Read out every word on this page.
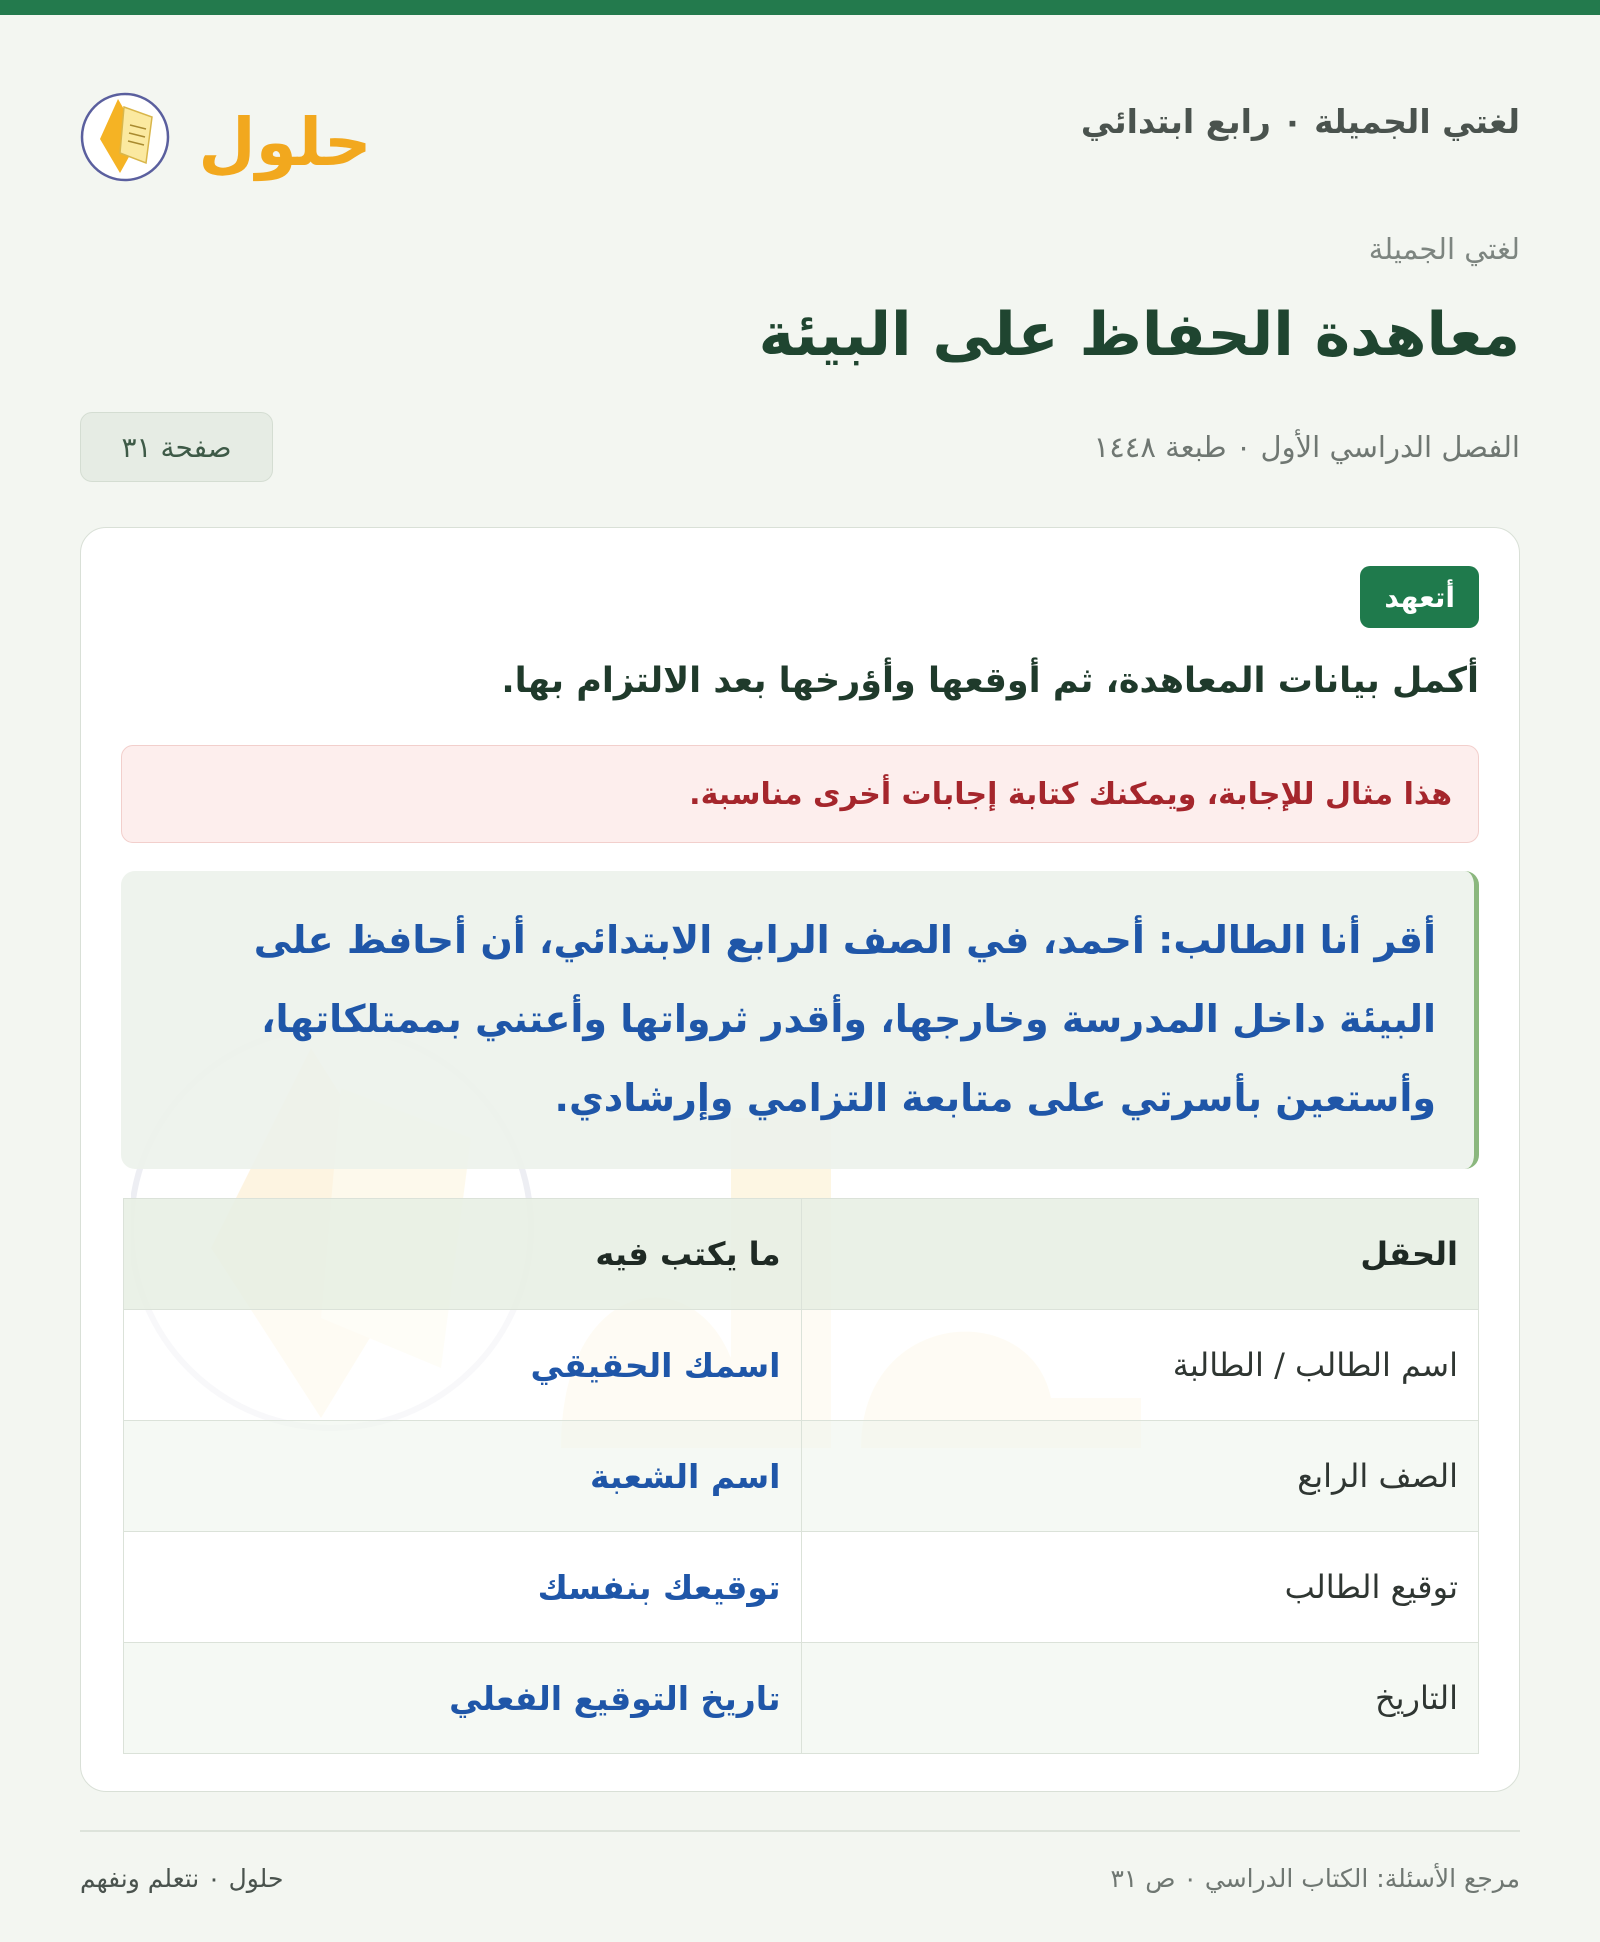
لغتي الجميلة ٠ رابع ابتدائي
حلول
لغتي الجميلة
معاهدة الحفاظ على البيئة
الفصل الدراسي الأول ٠ طبعة ١٤٤٨
صفحة ٣١
أتعهد
أكمل بيانات المعاهدة، ثم أوقعها وأؤرخها بعد الالتزام بها.
هذا مثال للإجابة، ويمكنك كتابة إجابات أخرى مناسبة.
أقر أنا الطالب: أحمد، في الصف الرابع الابتدائي، أن أحافظ على البيئة داخل المدرسة وخارجها، وأقدر ثرواتها وأعتني بممتلكاتها، وأستعين بأسرتي على متابعة التزامي وإرشادي.
الحقل	ما يكتب فيه
اسم الطالب / الطالبة	اسمك الحقيقي
الصف الرابع	اسم الشعبة
توقيع الطالب	توقيعك بنفسك
التاريخ	تاريخ التوقيع الفعلي
مرجع الأسئلة: الكتاب الدراسي ٠ ص ٣١
حلول ٠ نتعلم ونفهم
